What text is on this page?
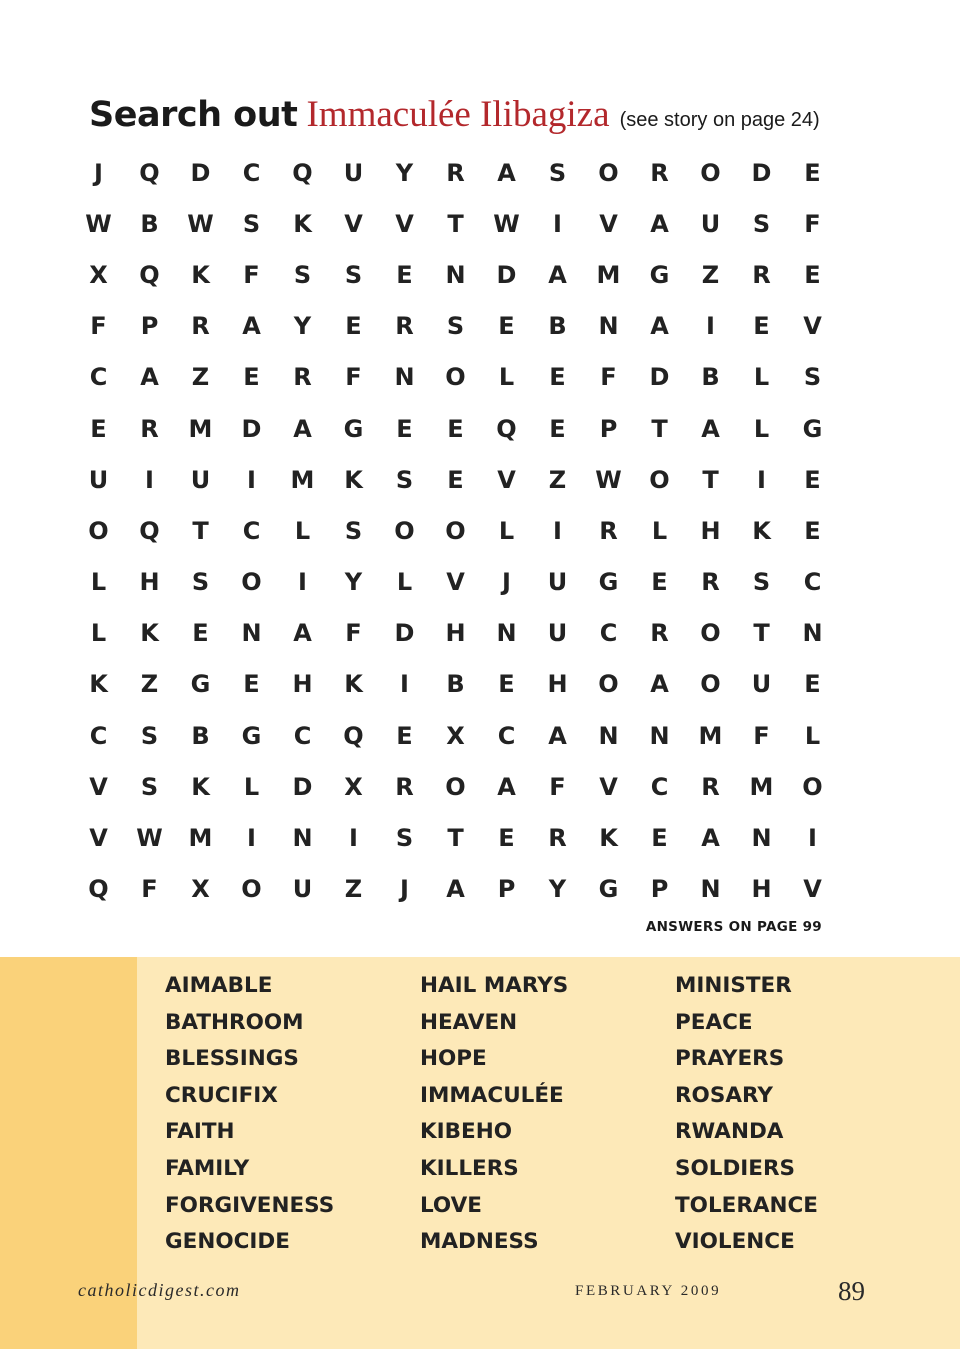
Search out Immaculée Ilibagiza (see story on page 24)
J	Q	D	C	Q	U	Y	R	A	S	O	R	O	D	E
W	B	W	S	K	V	V	T	W	I	V	A	U	S	F
X	Q	K	F	S	S	E	N	D	A	M	G	Z	R	E
F	P	R	A	Y	E	R	S	E	B	N	A	I	E	V
C	A	Z	E	R	F	N	O	L	E	F	D	B	L	S
E	R	M	D	A	G	E	E	Q	E	P	T	A	L	G
U	I	U	I	M	K	S	E	V	Z	W	O	T	I	E
O	Q	T	C	L	S	O	O	L	I	R	L	H	K	E
L	H	S	O	I	Y	L	V	J	U	G	E	R	S	C
L	K	E	N	A	F	D	H	N	U	C	R	O	T	N
K	Z	G	E	H	K	I	B	E	H	O	A	O	U	E
C	S	B	G	C	Q	E	X	C	A	N	N	M	F	L
V	S	K	L	D	X	R	O	A	F	V	C	R	M	O
V	W	M	I	N	I	S	T	E	R	K	E	A	N	I
Q	F	X	O	U	Z	J	A	P	Y	G	P	N	H	V
ANSWERS ON PAGE 99
AIMABLE
BATHROOM
BLESSINGS
CRUCIFIX
FAITH
FAMILY
FORGIVENESS
GENOCIDE
HAIL MARYS
HEAVEN
HOPE
IMMACULÉE
KIBEHO
KILLERS
LOVE
MADNESS
MINISTER
PEACE
PRAYERS
ROSARY
RWANDA
SOLDIERS
TOLERANCE
VIOLENCE
catholicdigest.com	FEBRUARY 2009	89
